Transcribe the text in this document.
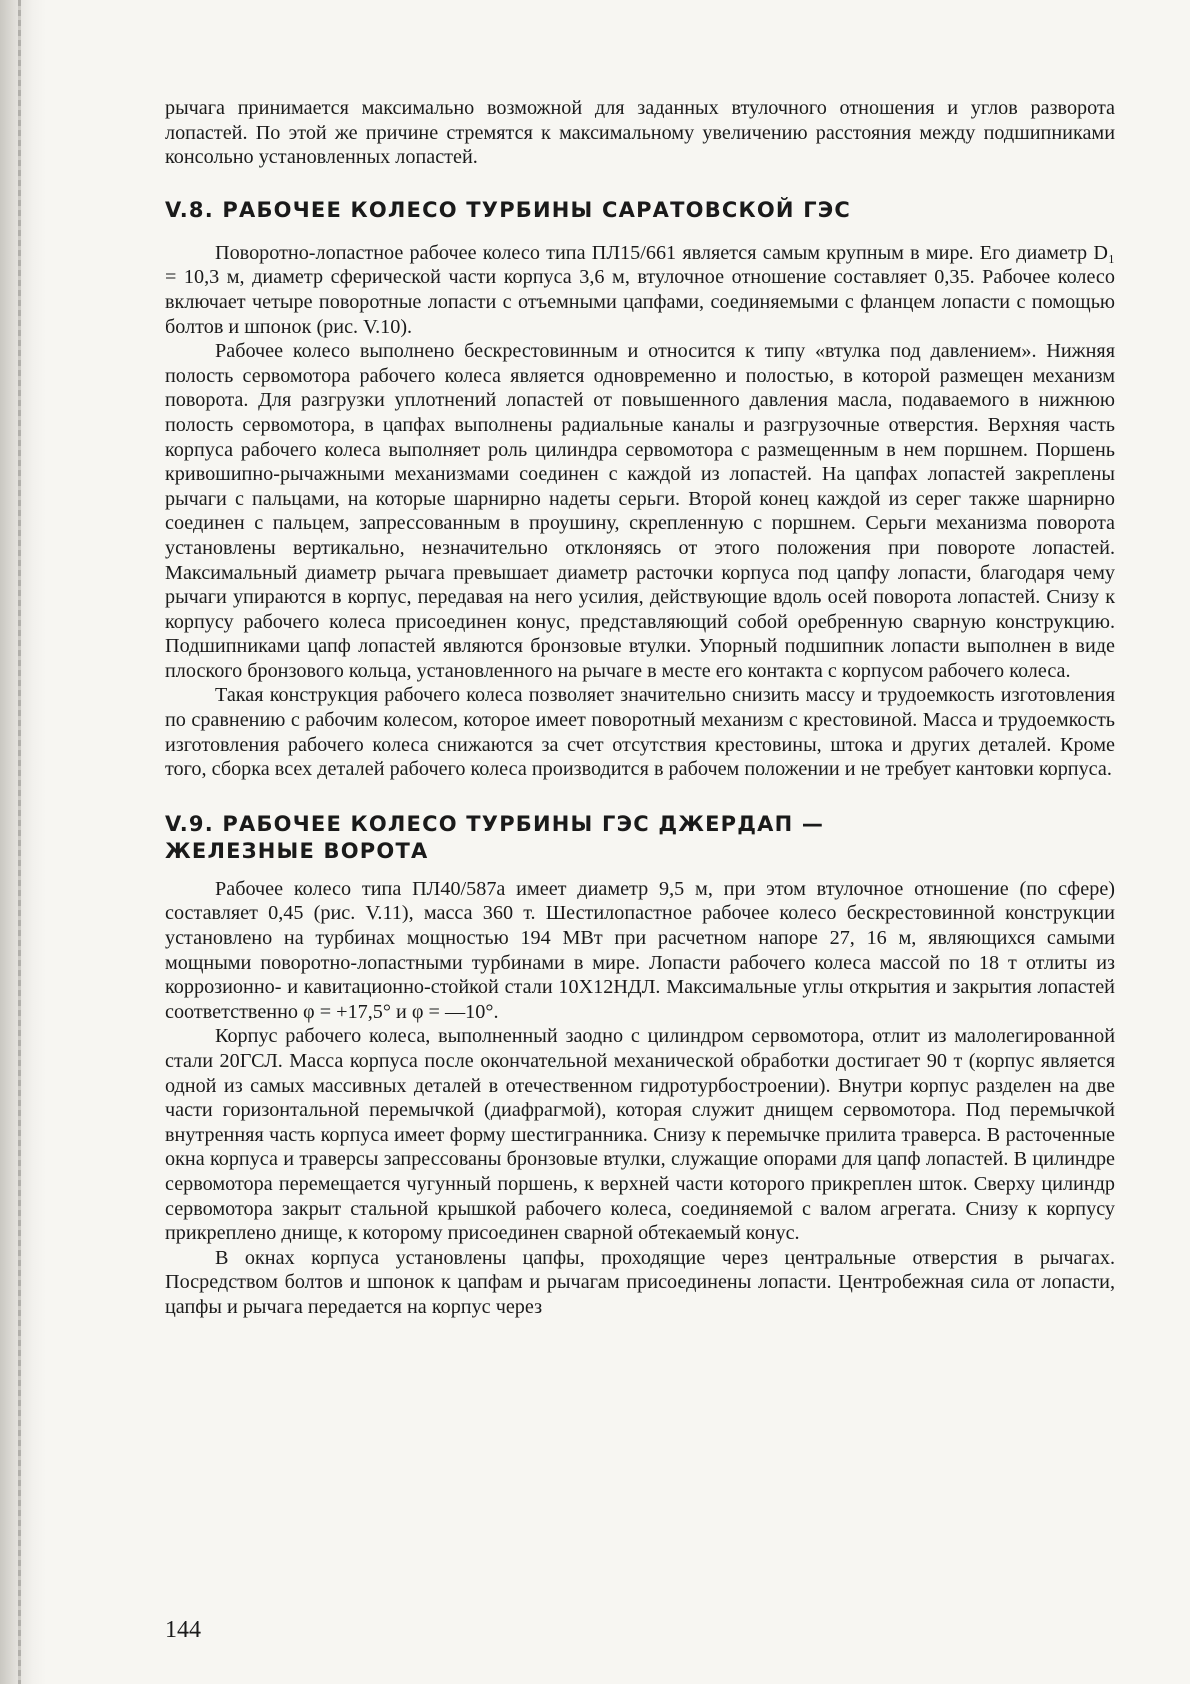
рычага принимается максимально возможной для заданных втулочного отношения и углов разворота лопастей. По этой же причине стремятся к максимальному увеличению расстояния между подшипниками консольно установленных лопастей.

V.8. РАБОЧЕЕ КОЛЕСО ТУРБИНЫ САРАТОВСКОЙ ГЭС

Поворотно-лопастное рабочее колесо типа ПЛ15/661 является самым крупным в мире. Его диаметр D₁ = 10,3 м, диаметр сферической части корпуса 3,6 м, втулочное отношение составляет 0,35. Рабочее колесо включает четыре поворотные лопасти с отъемными цапфами, соединяемыми с фланцем лопасти с помощью болтов и шпонок (рис. V.10).

Рабочее колесо выполнено бескрестовинным и относится к типу «втулка под давлением». Нижняя полость сервомотора рабочего колеса является одновременно и полостью, в которой размещен механизм поворота. Для разгрузки уплотнений лопастей от повышенного давления масла, подаваемого в нижнюю полость сервомотора, в цапфах выполнены радиальные каналы и разгрузочные отверстия. Верхняя часть корпуса рабочего колеса выполняет роль цилиндра сервомотора с размещенным в нем поршнем. Поршень кривошипно-рычажными механизмами соединен с каждой из лопастей. На цапфах лопастей закреплены рычаги с пальцами, на которые шарнирно надеты серьги. Второй конец каждой из серег также шарнирно соединен с пальцем, запрессованным в проушину, скрепленную с поршнем. Серьги механизма поворота установлены вертикально, незначительно отклоняясь от этого положения при повороте лопастей. Максимальный диаметр рычага превышает диаметр расточки корпуса под цапфу лопасти, благодаря чему рычаги упираются в корпус, передавая на него усилия, действующие вдоль осей поворота лопастей. Снизу к корпусу рабочего колеса присоединен конус, представляющий собой оребренную сварную конструкцию. Подшипниками цапф лопастей являются бронзовые втулки. Упорный подшипник лопасти выполнен в виде плоского бронзового кольца, установленного на рычаге в месте его контакта с корпусом рабочего колеса.

Такая конструкция рабочего колеса позволяет значительно снизить массу и трудоемкость изготовления по сравнению с рабочим колесом, которое имеет поворотный механизм с крестовиной. Масса и трудоемкость изготовления рабочего колеса снижаются за счет отсутствия крестовины, штока и других деталей. Кроме того, сборка всех деталей рабочего колеса производится в рабочем положении и не требует кантовки корпуса.

V.9. РАБОЧЕЕ КОЛЕСО ТУРБИНЫ ГЭС ДЖЕРДАП —
ЖЕЛЕЗНЫЕ ВОРОТА

Рабочее колесо типа ПЛ40/587а имеет диаметр 9,5 м, при этом втулочное отношение (по сфере) составляет 0,45 (рис. V.11), масса 360 т. Шестилопастное рабочее колесо бескрестовинной конструкции установлено на турбинах мощностью 194 МВт при расчетном напоре 27, 16 м, являющихся самыми мощными поворотно-лопастными турбинами в мире. Лопасти рабочего колеса массой по 18 т отлиты из коррозионно- и кавитационно-стойкой стали 10Х12НДЛ. Максимальные углы открытия и закрытия лопастей соответственно φ = +17,5° и φ = —10°.

Корпус рабочего колеса, выполненный заодно с цилиндром сервомотора, отлит из малолегированной стали 20ГСЛ. Масса корпуса после окончательной механической обработки достигает 90 т (корпус является одной из самых массивных деталей в отечественном гидротурбостроении). Внутри корпус разделен на две части горизонтальной перемычкой (диафрагмой), которая служит днищем сервомотора. Под перемычкой внутренняя часть корпуса имеет форму шестигранника. Снизу к перемычке прилита траверса. В расточенные окна корпуса и траверсы запрессованы бронзовые втулки, служащие опорами для цапф лопастей. В цилиндре сервомотора перемещается чугунный поршень, к верхней части которого прикреплен шток. Сверху цилиндр сервомотора закрыт стальной крышкой рабочего колеса, соединяемой с валом агрегата. Снизу к корпусу прикреплено днище, к которому присоединен сварной обтекаемый конус.

В окнах корпуса установлены цапфы, проходящие через центральные отверстия в рычагах. Посредством болтов и шпонок к цапфам и рычагам присоединены лопасти. Центробежная сила от лопасти, цапфы и рычага передается на корпус через

144
